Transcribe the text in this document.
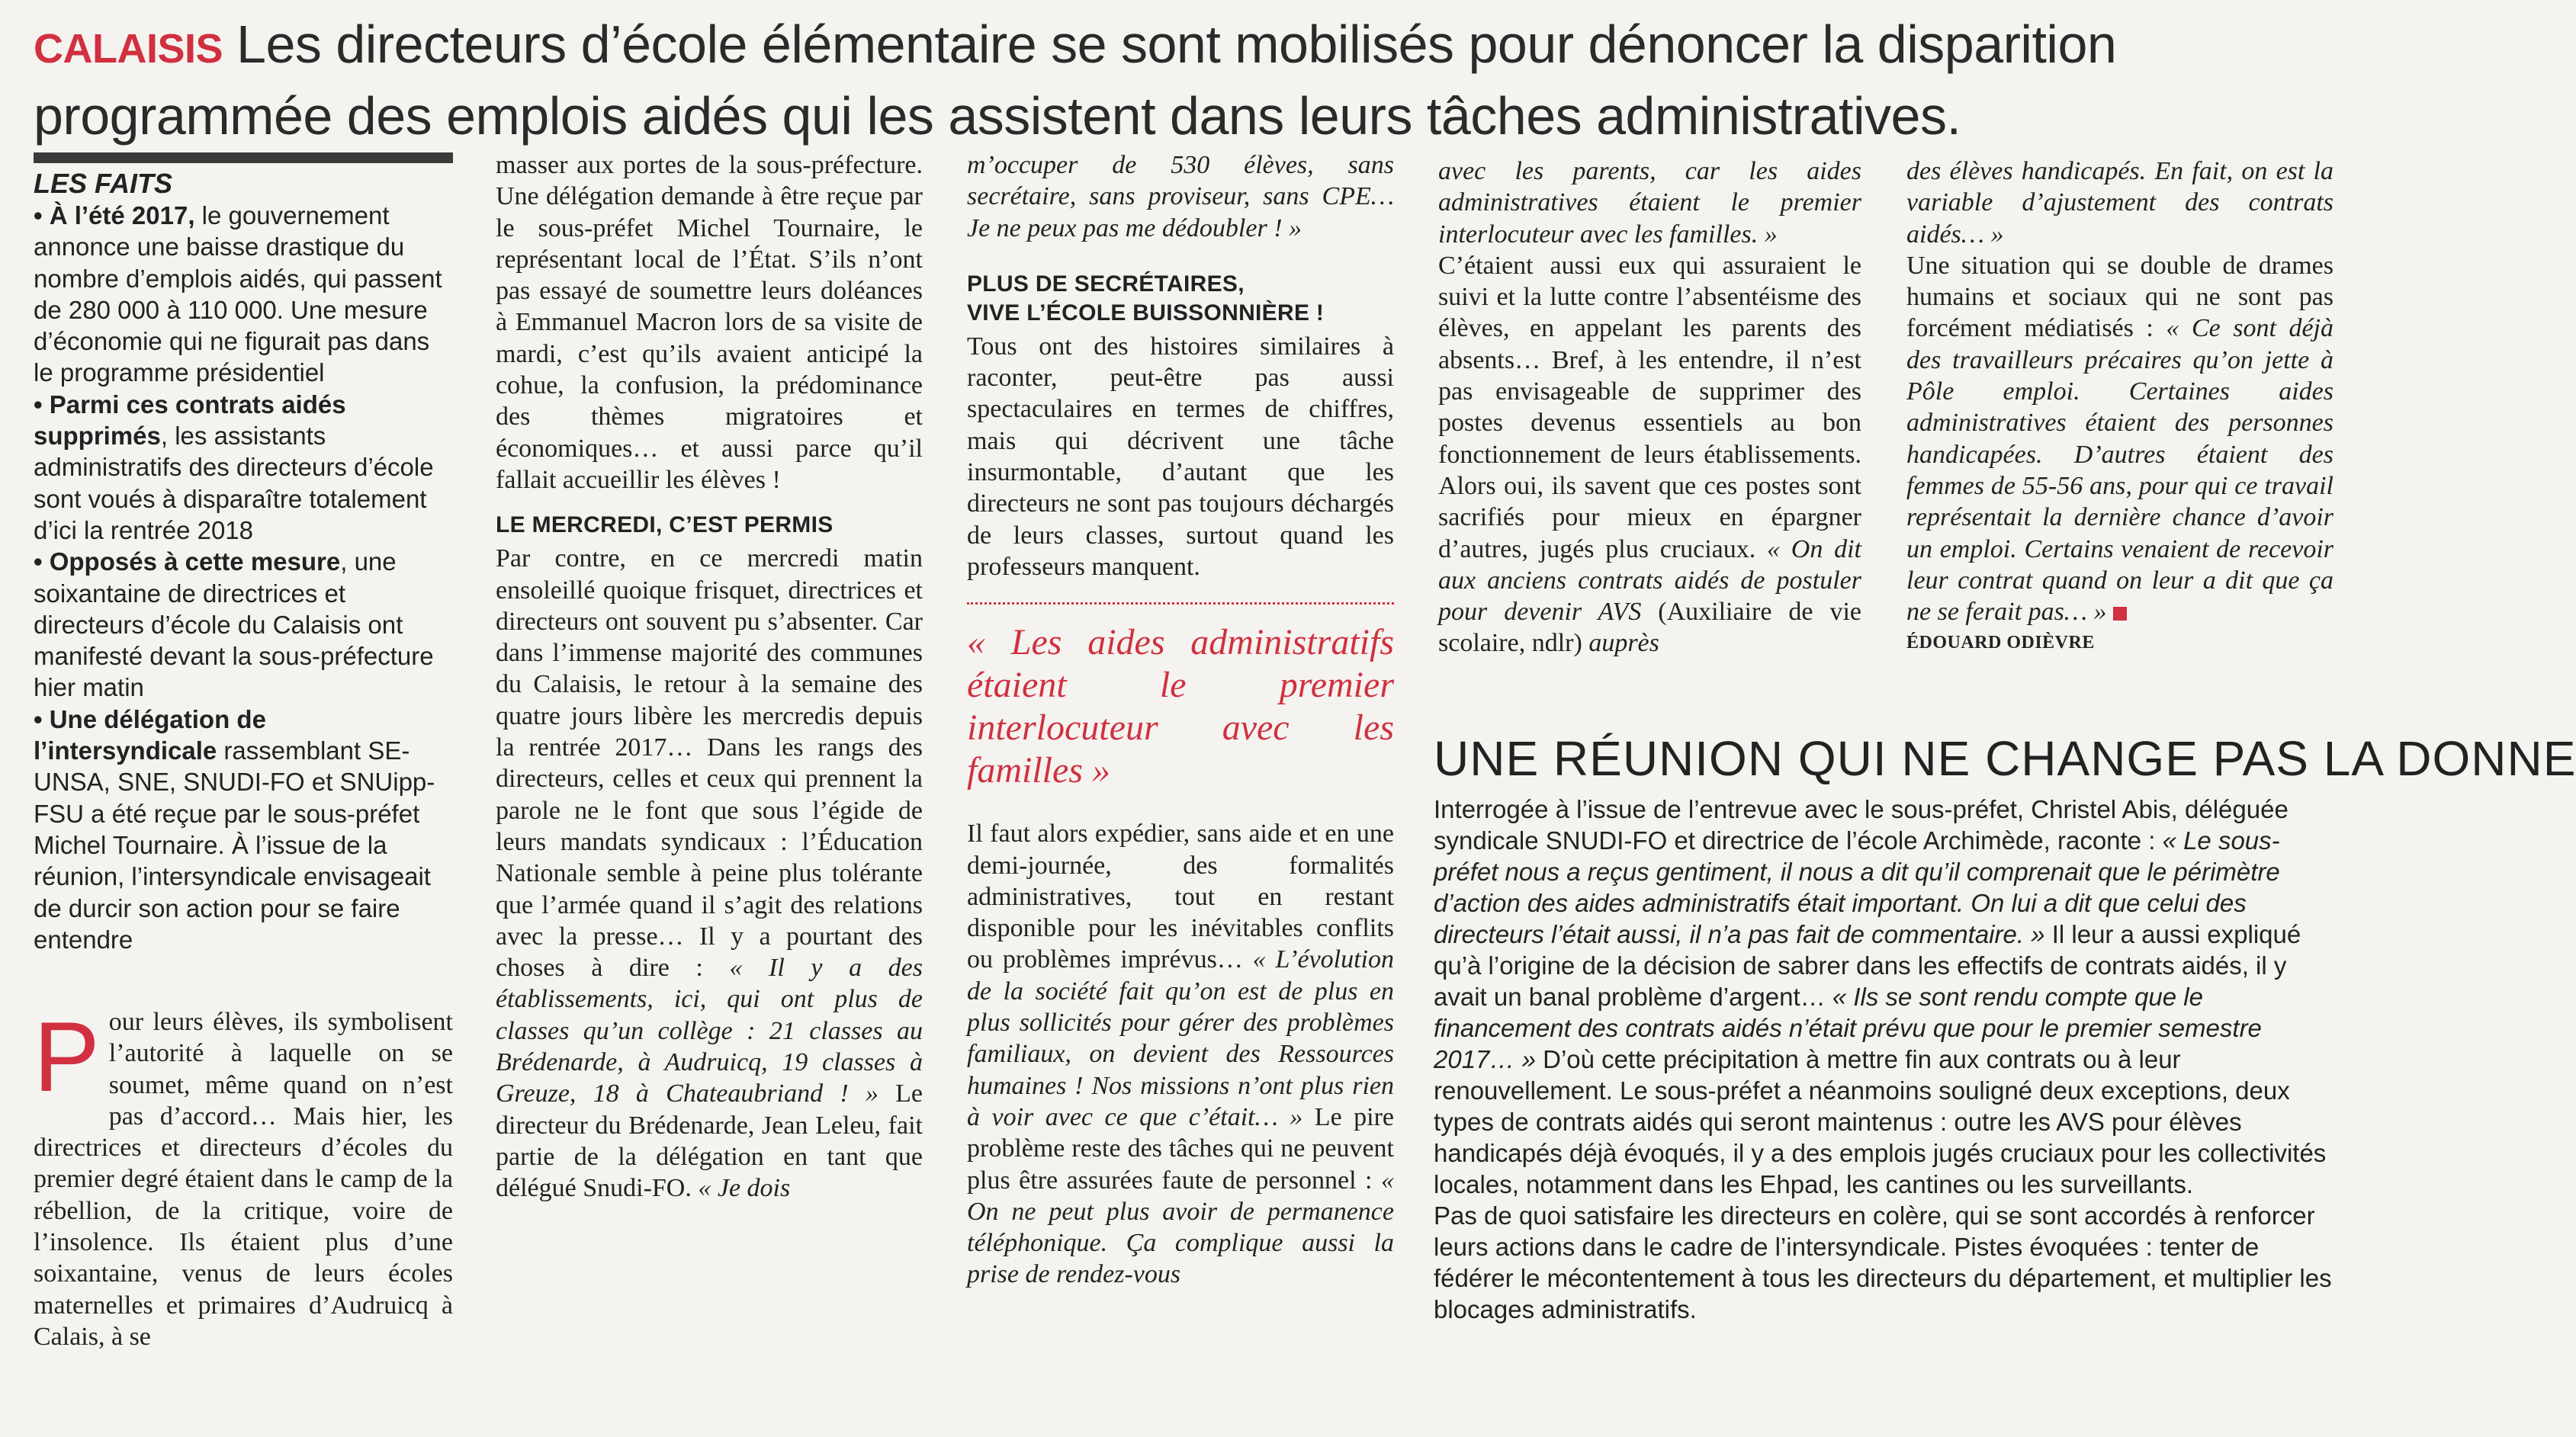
CALAISIS Les directeurs d’école élémentaire se sont mobilisés pour dénoncer la disparition programmée des emplois aidés qui les assistent dans leurs tâches administratives.
LES FAITS

• À l’été 2017, le gouvernement annonce une baisse drastique du nombre d’emplois aidés, qui passent de 280 000 à 110 000. Une mesure d’économie qui ne figurait pas dans le programme présidentiel

• Parmi ces contrats aidés supprimés, les assistants administratifs des directeurs d’école sont voués à disparaître totalement d’ici la rentrée 2018

• Opposés à cette mesure, une soixantaine de directrices et directeurs d’école du Calaisis ont manifesté devant la sous-préfecture hier matin

• Une délégation de l’intersyndicale rassemblant SE-UNSA, SNE, SNUDI-FO et SNUipp-FSU a été reçue par le sous-préfet Michel Tournaire. À l’issue de la réunion, l’intersyndicale envisageait de durcir son action pour se faire entendre

Pour leurs élèves, ils symbolisent l’autorité à laquelle on se soumet, même quand on n’est pas d’accord… Mais hier, les directrices et directeurs d’écoles du premier degré étaient dans le camp de la rébellion, de la critique, voire de l’insolence. Ils étaient plus d’une soixantaine, venus de leurs écoles maternelles et primaires d’Audruicq à Calais, à se

masser aux portes de la sous-préfecture. Une délégation demande à être reçue par le sous-préfet Michel Tournaire, le représentant local de l’État. S’ils n’ont pas essayé de soumettre leurs doléances à Emmanuel Macron lors de sa visite de mardi, c’est qu’ils avaient anticipé la cohue, la confusion, la prédominance des thèmes migratoires et économiques… et aussi parce qu’il fallait accueillir les élèves !

LE MERCREDI, C’EST PERMIS

Par contre, en ce mercredi matin ensoleillé quoique frisquet, directrices et directeurs ont souvent pu s’absenter. Car dans l’immense majorité des communes du Calaisis, le retour à la semaine des quatre jours libère les mercredis depuis la rentrée 2017… Dans les rangs des directeurs, celles et ceux qui prennent la parole ne le font que sous l’égide de leurs mandats syndicaux : l’Éducation Nationale semble à peine plus tolérante que l’armée quand il s’agit des relations avec la presse… Il y a pourtant des choses à dire : « Il y a des établissements, ici, qui ont plus de classes qu’un collège : 21 classes au Brédenarde, à Audruicq, 19 classes à Greuze, 18 à Chateaubriand ! » Le directeur du Brédenarde, Jean Leleu, fait partie de la délégation en tant que délégué Snudi-FO. « Je dois

m’occuper de 530 élèves, sans secrétaire, sans proviseur, sans CPE… Je ne peux pas me dédoubler ! »

PLUS DE SECRÉTAIRES,
VIVE L’ÉCOLE BUISSONNIÈRE !

Tous ont des histoires similaires à raconter, peut-être pas aussi spectaculaires en termes de chiffres, mais qui décrivent une tâche insurmontable, d’autant que les directeurs ne sont pas toujours déchargés de leurs classes, surtout quand les professeurs manquent.

« Les aides administratifs étaient le premier interlocuteur avec les familles »

Il faut alors expédier, sans aide et en une demi-journée, des formalités administratives, tout en restant disponible pour les inévitables conflits ou problèmes imprévus… « L’évolution de la société fait qu’on est de plus en plus sollicités pour gérer des problèmes familiaux, on devient des Ressources humaines ! Nos missions n’ont plus rien à voir avec ce que c’était… » Le pire problème reste des tâches qui ne peuvent plus être assurées faute de personnel : « On ne peut plus avoir de permanence téléphonique. Ça complique aussi la prise de rendez-vous

avec les parents, car les aides administratives étaient le premier interlocuteur avec les familles. »

C’étaient aussi eux qui assuraient le suivi et la lutte contre l’absentéisme des élèves, en appelant les parents des absents… Bref, à les entendre, il n’est pas envisageable de supprimer des postes devenus essentiels au bon fonctionnement de leurs établissements. Alors oui, ils savent que ces postes sont sacrifiés pour mieux en épargner d’autres, jugés plus cruciaux. « On dit aux anciens contrats aidés de postuler pour devenir AVS (Auxiliaire de vie scolaire, ndlr) auprès

des élèves handicapés. En fait, on est la variable d’ajustement des contrats aidés… »

Une situation qui se double de drames humains et sociaux qui ne sont pas forcément médiatisés : « Ce sont déjà des travailleurs précaires qu’on jette à Pôle emploi. Certaines aides administratives étaient des personnes handicapées. D’autres étaient des femmes de 55-56 ans, pour qui ce travail représentait la dernière chance d’avoir un emploi. Certains venaient de recevoir leur contrat quand on leur a dit que ça ne se ferait pas… »

ÉDOUARD ODIÈVRE
UNE RÉUNION QUI NE CHANGE PAS LA DONNE

Interrogée à l’issue de l’entrevue avec le sous-préfet, Christel Abis, déléguée syndicale SNUDI-FO et directrice de l’école Archimède, raconte : « Le sous-préfet nous a reçus gentiment, il nous a dit qu’il comprenait que le périmètre d’action des aides administratifs était important. On lui a dit que celui des directeurs l’était aussi, il n’a pas fait de commentaire. » Il leur a aussi expliqué qu’à l’origine de la décision de sabrer dans les effectifs de contrats aidés, il y avait un banal problème d’argent… « Ils se sont rendu compte que le financement des contrats aidés n’était prévu que pour le premier semestre 2017… » D’où cette précipitation à mettre fin aux contrats ou à leur renouvellement. Le sous-préfet a néanmoins souligné deux exceptions, deux types de contrats aidés qui seront maintenus : outre les AVS pour élèves handicapés déjà évoqués, il y a des emplois jugés cruciaux pour les collectivités locales, notamment dans les Ehpad, les cantines ou les surveillants.

Pas de quoi satisfaire les directeurs en colère, qui se sont accordés à renforcer leurs actions dans le cadre de l’intersyndicale. Pistes évoquées : tenter de fédérer le mécontentement à tous les directeurs du département, et multiplier les blocages administratifs.
